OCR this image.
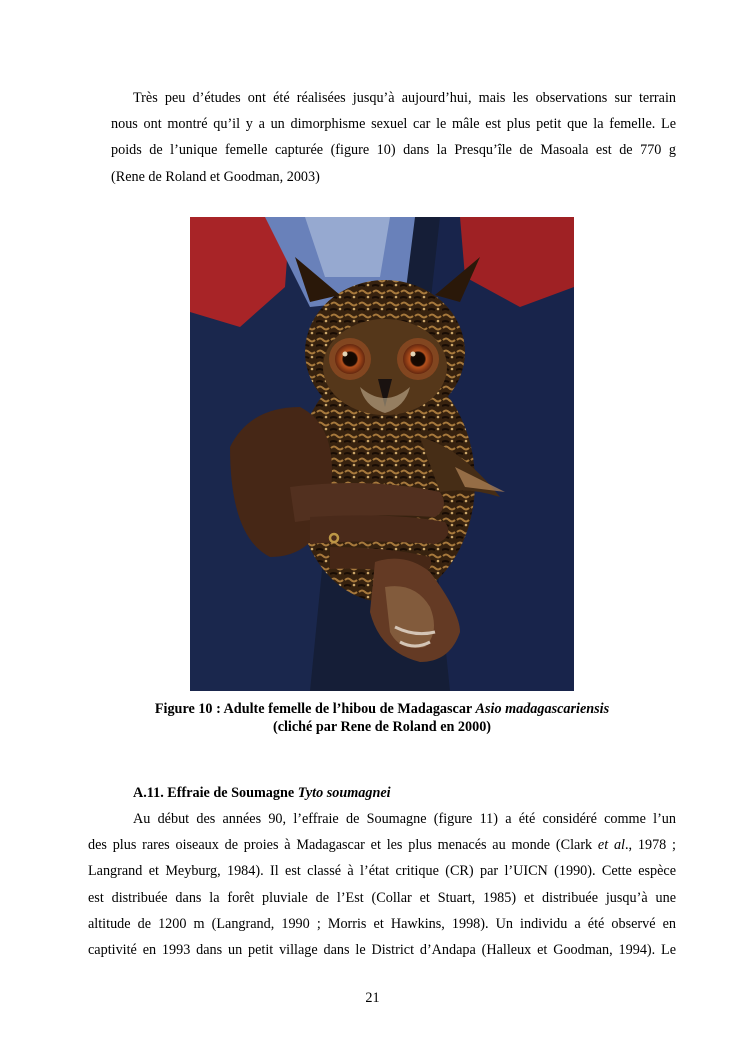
Très peu d’études ont été réalisées jusqu’à aujourd’hui, mais les observations sur terrain
nous ont montré qu’il y a un dimorphisme sexuel car le mâle est plus petit que la femelle. Le
poids de l’unique femelle capturée (figure 10) dans la Presqu’île de Masoala est de 770 g
(Rene de Roland et Goodman, 2003)
Figure 10 : Adulte femelle de l’hibou de Madagascar Asio madagascariensis
(cliché par Rene de Roland en 2000)
A.11. Effraie de Soumagne Tyto soumagnei
Au début des années 90, l’effraie de Soumagne (figure 11) a été considéré comme l’un
des plus rares oiseaux de proies à Madagascar et les plus menacés au monde (Clark et al., 1978 ;
Langrand et Meyburg, 1984). Il est classé à l’état critique (CR) par l’UICN (1990). Cette espèce
est distribuée dans la forêt pluviale de l’Est (Collar et Stuart, 1985) et distribuée jusqu’à une
altitude de 1200 m (Langrand, 1990 ; Morris et Hawkins, 1998). Un individu a été observé en
captivité en 1993 dans un petit village dans le District d’Andapa (Halleux et Goodman, 1994). Le
21
